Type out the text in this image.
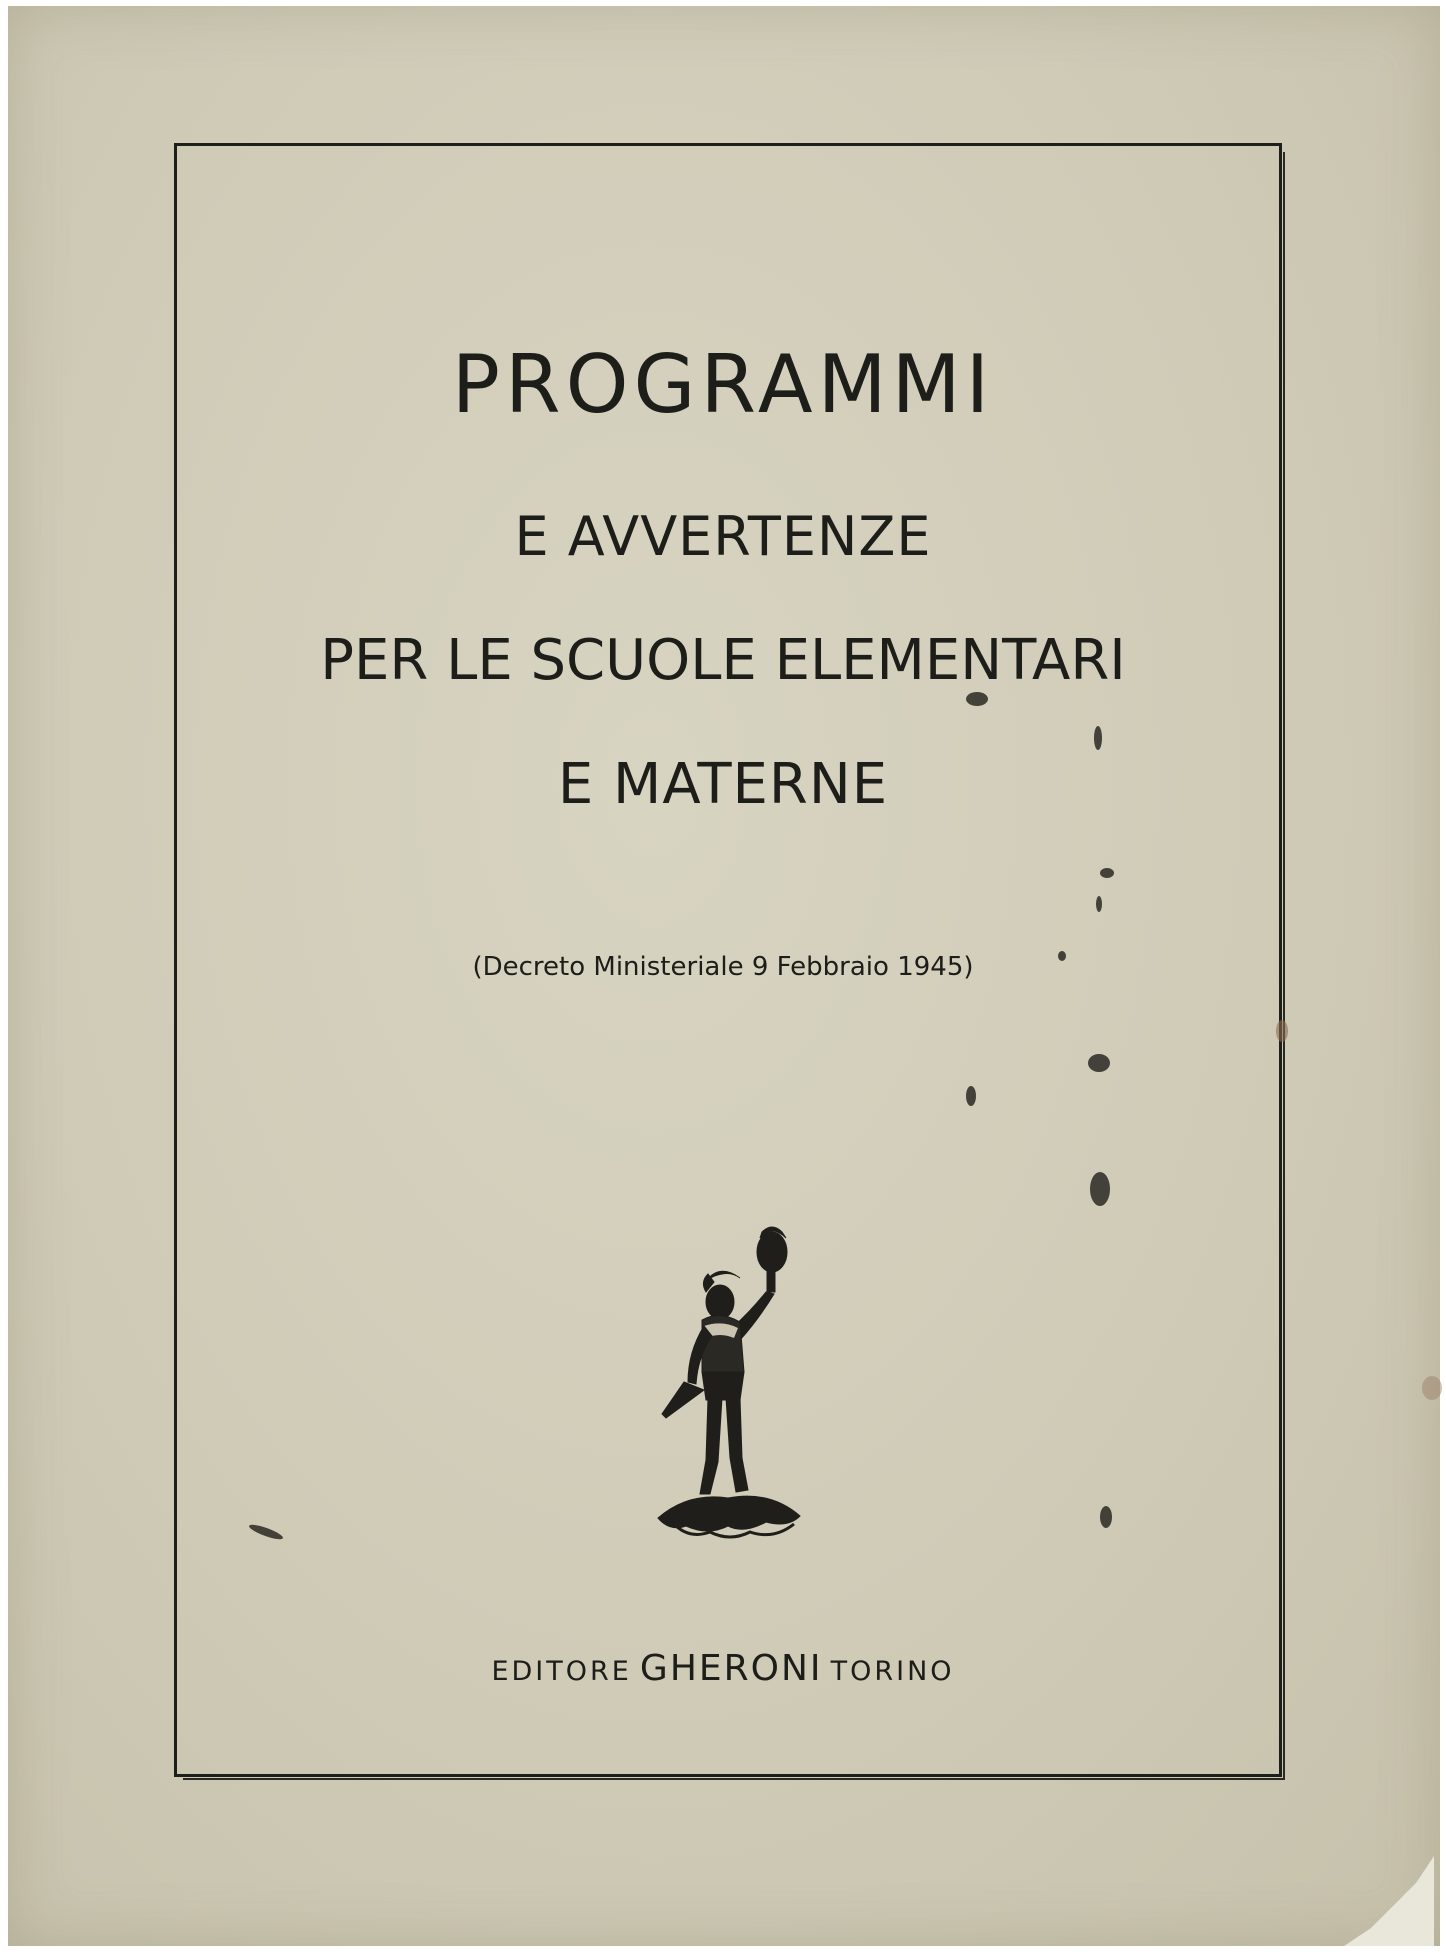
PROGRAMMI
E AVVERTENZE
PER LE SCUOLE ELEMENTARI
E MATERNE
(Decreto Ministeriale 9 Febbraio 1945)
EDITORE GHERONI TORINO
